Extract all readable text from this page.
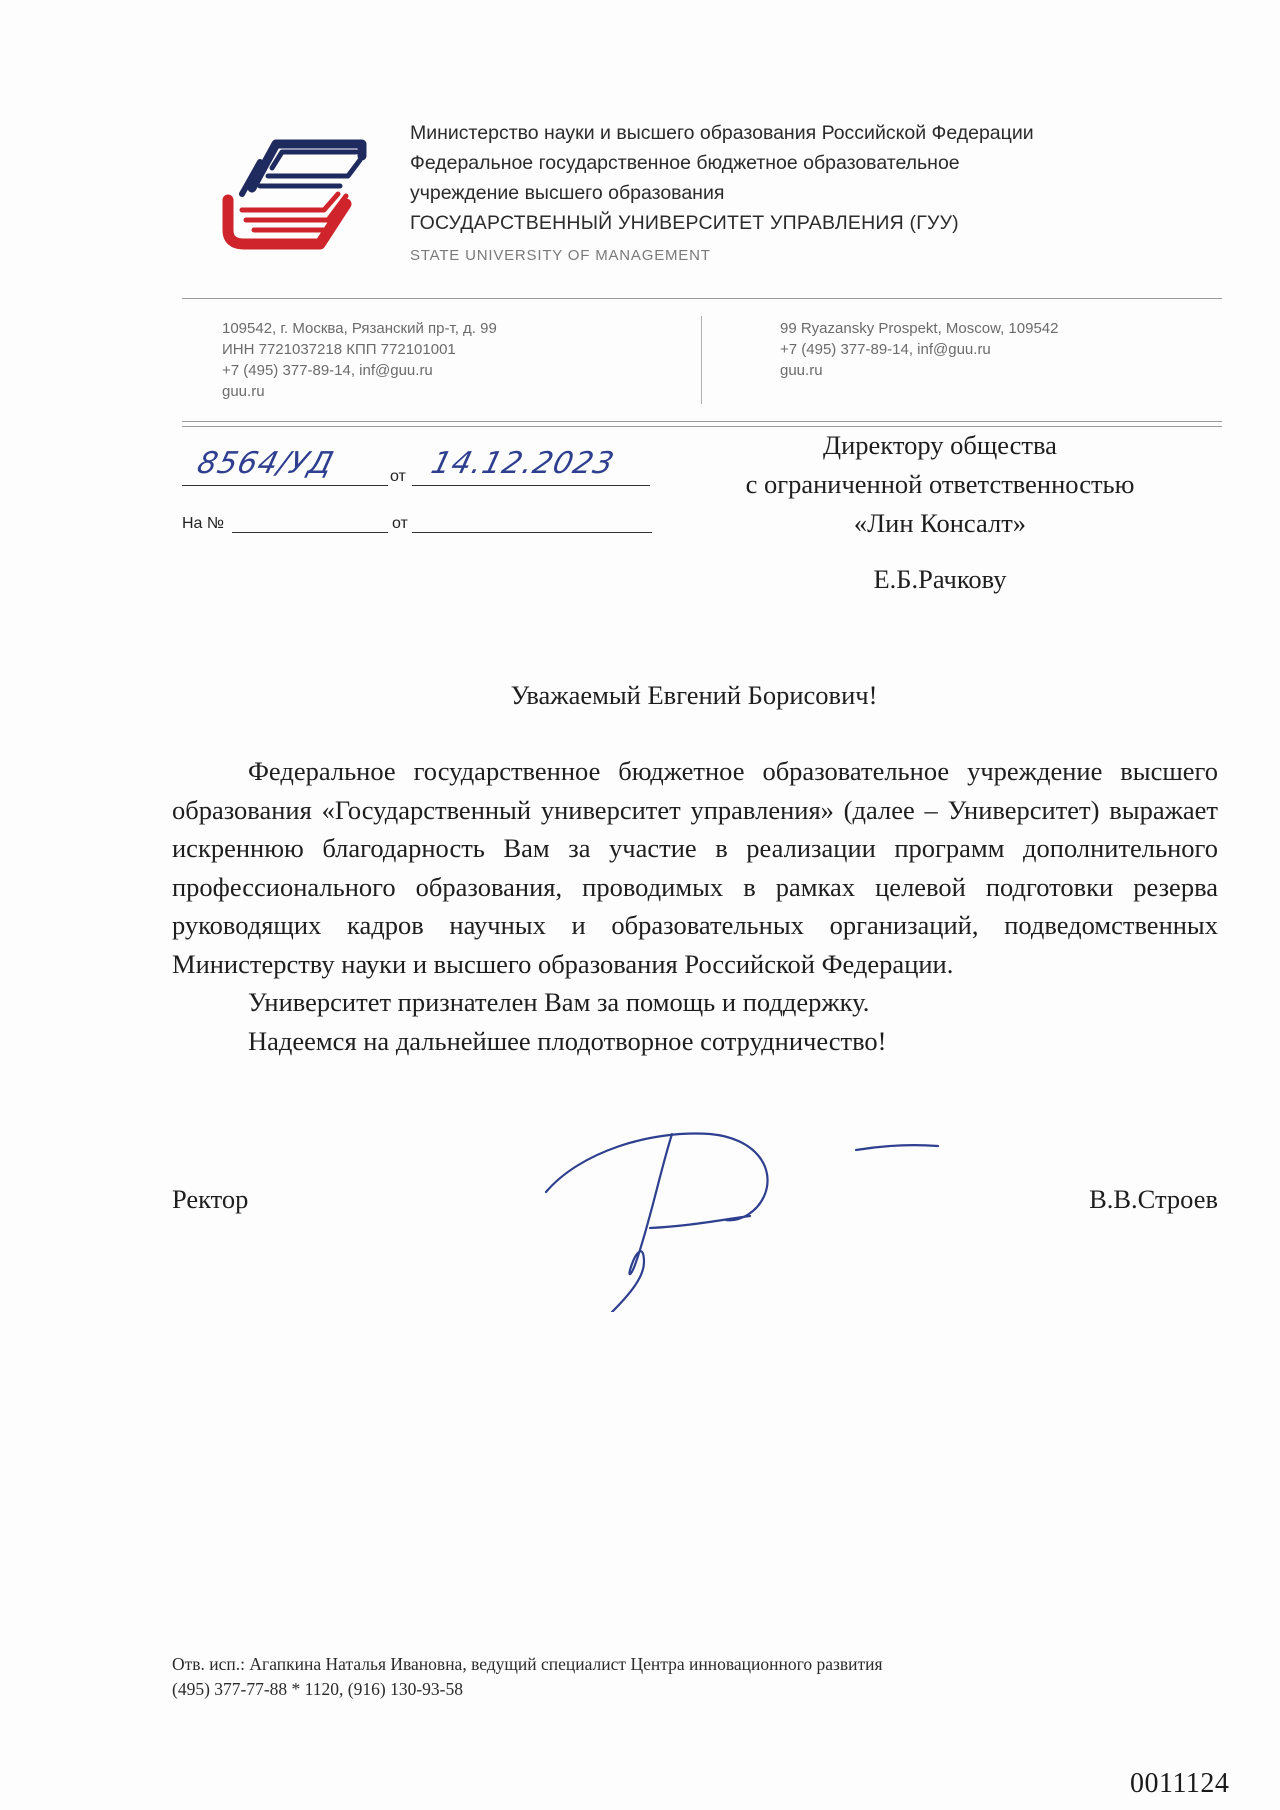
Министерство науки и высшего образования Российской Федерации
Федеральное государственное бюджетное образовательное
учреждение высшего образования
ГОСУДАРСТВЕННЫЙ УНИВЕРСИТЕТ УПРАВЛЕНИЯ (ГУУ)
STATE UNIVERSITY OF MANAGEMENT
109542, г. Москва, Рязанский пр-т, д. 99
ИНН 7721037218 КПП 772101001
+7 (495) 377-89-14, inf@guu.ru
guu.ru
99 Ryazansky Prospekt, Moscow, 109542
+7 (495) 377-89-14, inf@guu.ru
guu.ru
8564/УД	от 14.12.2023
На №	от
Директору общества
с ограниченной ответственностью
«Лин Консалт»
Е.Б.Рачкову
Уважаемый Евгений Борисович!

Федеральное государственное бюджетное образовательное учреждение высшего образования «Государственный университет управления» (далее – Университет) выражает искреннюю благодарность Вам за участие в реализации программ дополнительного профессионального образования, проводимых в рамках целевой подготовки резерва руководящих кадров научных и образовательных организаций, подведомственных Министерству науки и высшего образования Российской Федерации.

Университет признателен Вам за помощь и поддержку.

Надеемся на дальнейшее плодотворное сотрудничество!

Ректор	В.В.Строев
Отв. исп.: Агапкина Наталья Ивановна, ведущий специалист Центра инновационного развития
(495) 377-77-88 * 1120, (916) 130-93-58
0011124
